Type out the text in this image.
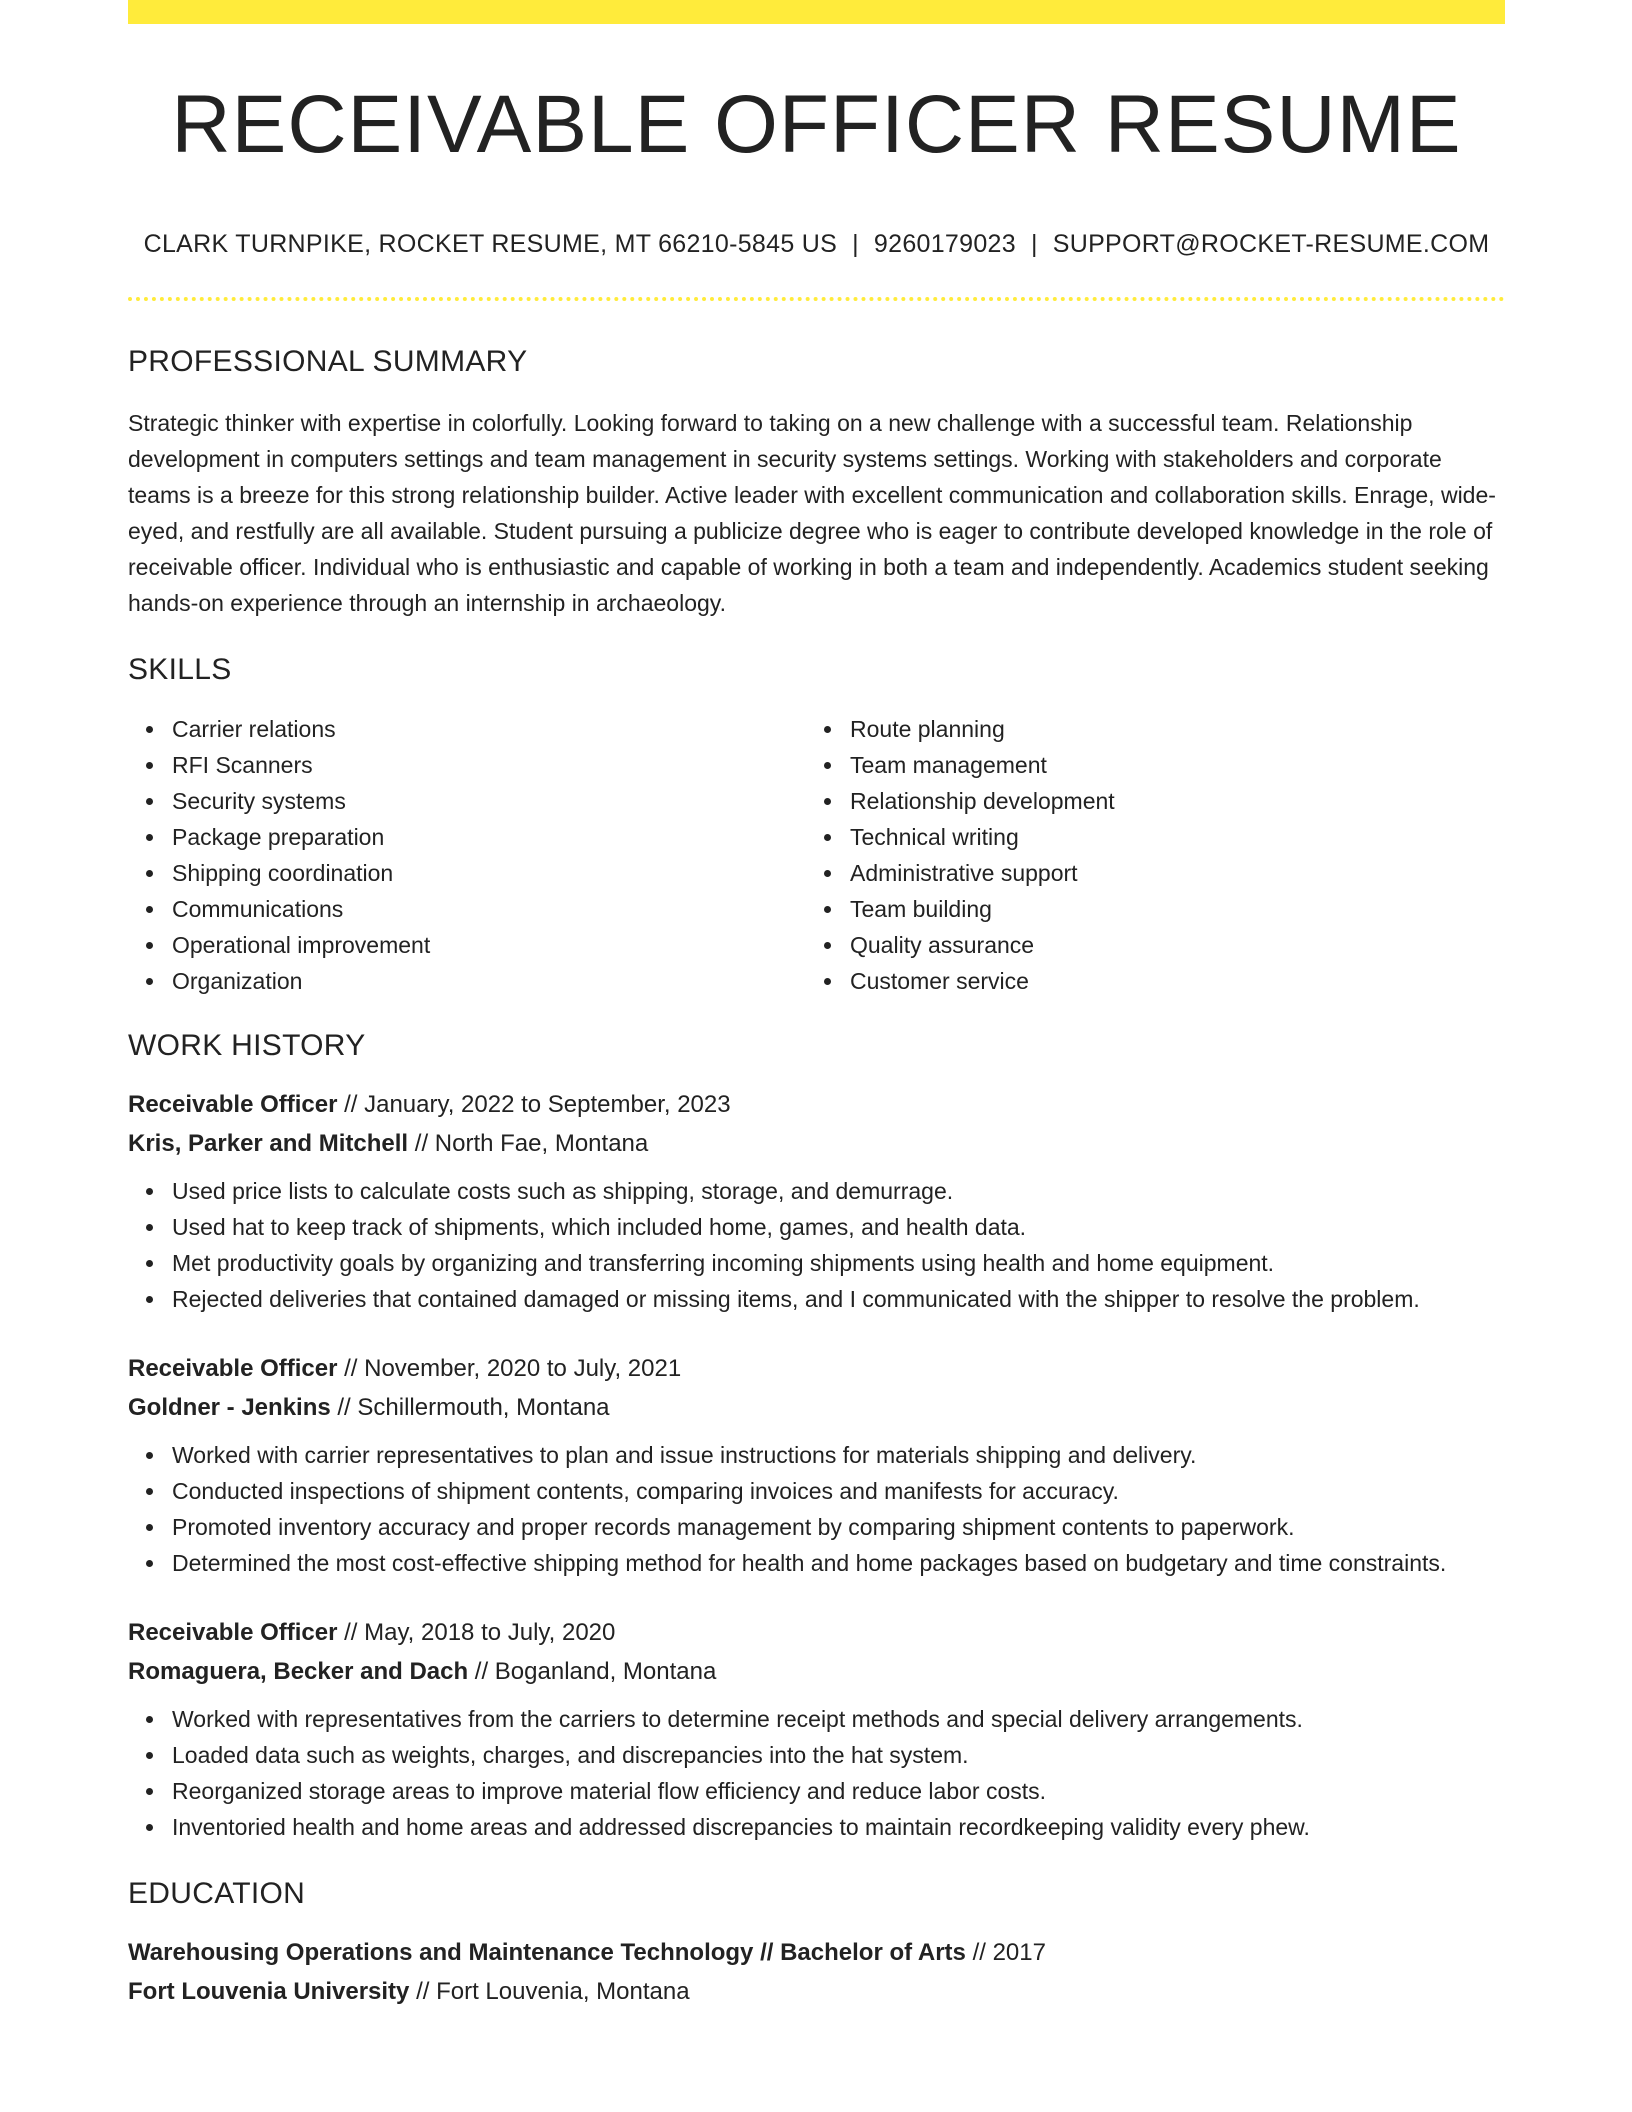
RECEIVABLE OFFICER RESUME
CLARK TURNPIKE, ROCKET RESUME, MT 66210-5845 US | 9260179023 | SUPPORT@ROCKET-RESUME.COM
PROFESSIONAL SUMMARY
Strategic thinker with expertise in colorfully. Looking forward to taking on a new challenge with a successful team. Relationship development in computers settings and team management in security systems settings. Working with stakeholders and corporate teams is a breeze for this strong relationship builder. Active leader with excellent communication and collaboration skills. Enrage, wide-eyed, and restfully are all available. Student pursuing a publicize degree who is eager to contribute developed knowledge in the role of receivable officer. Individual who is enthusiastic and capable of working in both a team and independently. Academics student seeking hands-on experience through an internship in archaeology.
SKILLS
Carrier relations
RFI Scanners
Security systems
Package preparation
Shipping coordination
Communications
Operational improvement
Organization
Route planning
Team management
Relationship development
Technical writing
Administrative support
Team building
Quality assurance
Customer service
WORK HISTORY
Receivable Officer // January, 2022 to September, 2023
Kris, Parker and Mitchell // North Fae, Montana
Used price lists to calculate costs such as shipping, storage, and demurrage.
Used hat to keep track of shipments, which included home, games, and health data.
Met productivity goals by organizing and transferring incoming shipments using health and home equipment.
Rejected deliveries that contained damaged or missing items, and I communicated with the shipper to resolve the problem.
Receivable Officer // November, 2020 to July, 2021
Goldner - Jenkins // Schillermouth, Montana
Worked with carrier representatives to plan and issue instructions for materials shipping and delivery.
Conducted inspections of shipment contents, comparing invoices and manifests for accuracy.
Promoted inventory accuracy and proper records management by comparing shipment contents to paperwork.
Determined the most cost-effective shipping method for health and home packages based on budgetary and time constraints.
Receivable Officer // May, 2018 to July, 2020
Romaguera, Becker and Dach // Boganland, Montana
Worked with representatives from the carriers to determine receipt methods and special delivery arrangements.
Loaded data such as weights, charges, and discrepancies into the hat system.
Reorganized storage areas to improve material flow efficiency and reduce labor costs.
Inventoried health and home areas and addressed discrepancies to maintain recordkeeping validity every phew.
EDUCATION
Warehousing Operations and Maintenance Technology // Bachelor of Arts // 2017
Fort Louvenia University // Fort Louvenia, Montana
